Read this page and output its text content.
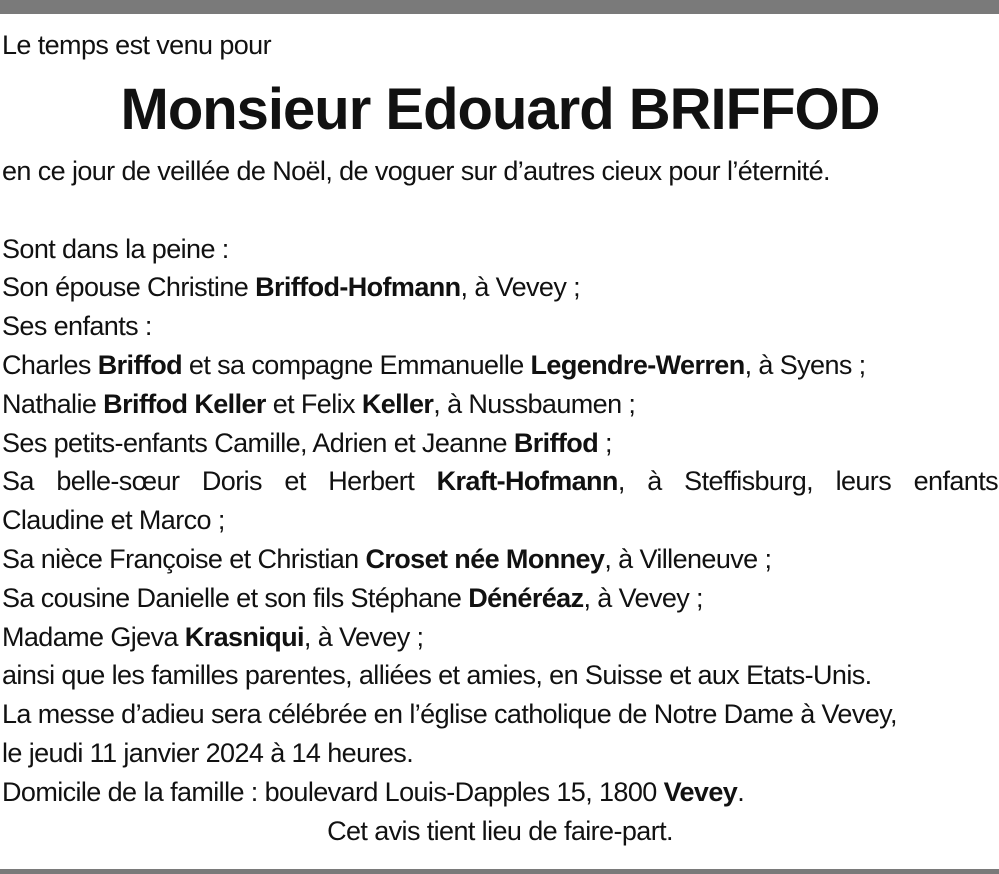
Le temps est venu pour
Monsieur Edouard BRIFFOD
en ce jour de veillée de Noël, de voguer sur d’autres cieux pour l’éternité.
Sont dans la peine :
Son épouse Christine Briffod-Hofmann, à Vevey ;
Ses enfants :
Charles Briffod et sa compagne Emmanuelle Legendre-Werren, à Syens ;
Nathalie Briffod Keller et Felix Keller, à Nussbaumen ;
Ses petits-enfants Camille, Adrien et Jeanne Briffod ;
Sa belle-sœur Doris et Herbert Kraft-Hofmann, à Steffisburg, leurs enfants
Claudine et Marco ;
Sa nièce Françoise et Christian Croset née Monney, à Villeneuve ;
Sa cousine Danielle et son fils Stéphane Dénéréaz, à Vevey ;
Madame Gjeva Krasniqui, à Vevey ;
ainsi que les familles parentes, alliées et amies, en Suisse et aux Etats-Unis.
La messe d’adieu sera célébrée en l’église catholique de Notre Dame à Vevey,
le jeudi 11 janvier 2024 à 14 heures.
Domicile de la famille : boulevard Louis-Dapples 15, 1800 Vevey.
Cet avis tient lieu de faire-part.
